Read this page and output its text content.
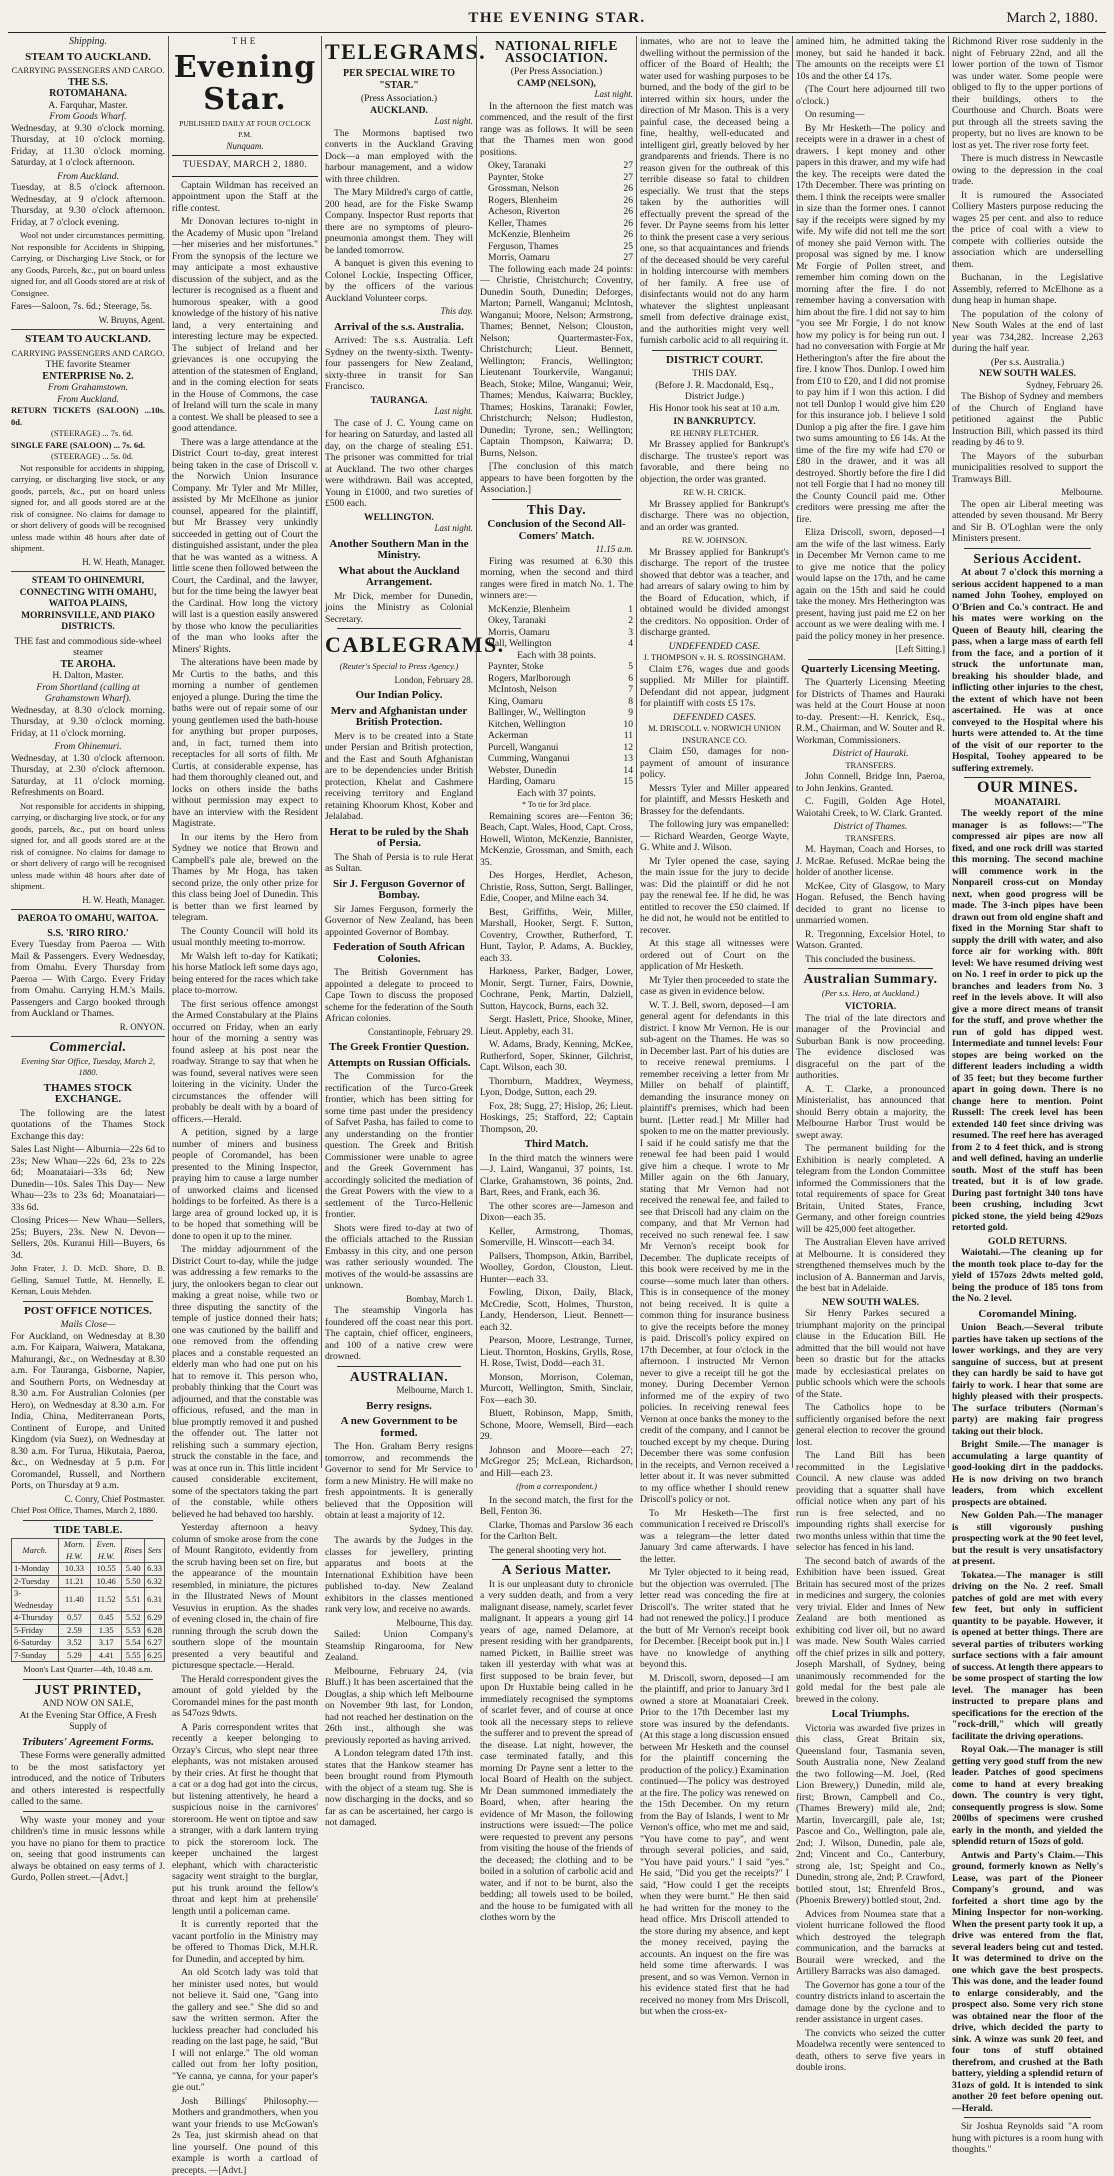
THE EVENING STAR.	March 2, 1880.
Shipping.
STEAM TO AUCKLAND.
CARRYING PASSENGERS AND CARGO.
THE S.S.
ROTOMAHANA.
A. Farquhar, Master.
From Goods Wharf.

Wednesday, at 9.30 o'clock morning. Thursday, at 10 o'clock morning. Friday, at 11.30 o'clock morning. Saturday, at 1 o'clock afternoon.

From Auckland.

Tuesday, at 8.5 o'clock afternoon. Wednesday, at 9 o'clock afternoon. Thursday, at 9.30 o'clock afternoon. Friday, at 7 o'clock evening.

Wool not under circumstances permitting. Not responsible for Accidents in Shipping, Carrying, or Discharging Live Stock, or for any Goods, Parcels, &c., put on board unless signed for, and all Goods stored are at risk of Consignee.

Fares—Saloon, 7s. 6d.; Steerage, 5s.

W. Bruyns, Agent.
STEAM TO AUCKLAND.
CARRYING PASSENGERS AND CARGO.
THE favorite Steamer
ENTERPRISE No. 2.
From Grahamstown.
From Auckland.
RETURN TICKETS (SALOON) ...10s. 0d.
(STEERAGE) ... 7s. 6d.
SINGLE FARE (SALOON) ... 7s. 6d.
(STEERAGE) ... 5s. 0d.

Not responsible for accidents in shipping, carrying, or discharging live stock, or any goods, parcels, &c., put on board unless signed for, and all goods stored are at the risk of consignee. No claims for damage to or short delivery of goods will be recognised unless made within 48 hours after date of shipment.

H. W. Heath, Manager.
STEAM TO OHINEMURI, CONNECTING WITH OMAHU, WAITOA PLAINS, MORRINSVILLE, AND PIAKO DISTRICTS.
THE fast and commodious side-wheel steamer
TE AROHA.
H. Dalton, Master.
From Shortland (calling at Grahamstown Wharf).

Wednesday, at 8.30 o'clock morning. Thursday, at 9.30 o'clock morning. Friday, at 11 o'clock morning.

From Ohinemuri.

Wednesday, at 1.30 o'clock afternoon. Thursday, at 2.30 o'clock afternoon. Saturday, at 11 o'clock morning. Refreshments on Board.

Not responsible for accidents in shipping, carrying, or discharging live stock, or for any goods, parcels, &c., put on board unless signed for, and all goods stored are at the risk of consignee. No claims for damage to or short delivery of cargo will be recognised unless made within 48 hours after date of shipment.

H. W. Heath, Manager.
PAEROA TO OMAHU, WAITOA.
S.S. 'RIRO RIRO.'

Every Tuesday from Paeroa — With Mail & Passengers. Every Wednesday, from Omahu. Every Thursday from Paeroa — With Cargo. Every Friday from Omahu. Carrying H.M.'s Mails. Passengers and Cargo booked through from Auckland or Thames.

R. ONYON.
Commercial.
Evening Star Office, Tuesday, March 2, 1880.
THAMES STOCK EXCHANGE.

The following are the latest quotations of the Thames Stock Exchange this day:

Sales Last Night— Alburnia—22s 6d to 23s; New Whau—22s 6d, 23s to 22s 6d; Moanataiari—33s 6d; New Dunedin—10s. Sales This Day— New Whau—23s to 23s 6d; Moanataiari—33s 6d.

Closing Prices— New Whau—Sellers, 25s; Buyers, 23s. New N. Devon—Sellers, 20s. Kuranui Hill—Buyers, 6s 3d.

John Frater, J. D. McD. Shore, D. B. Gelling, Samuel Tuttle, M. Hennelly, E. Kernan, Louis Mehden.

POST OFFICE NOTICES.
Mails Close—

For Auckland, on Wednesday at 8.30 a.m. For Kaipara, Waiwera, Matakana, Mahurangi, &c., on Wednesday at 8.30 a.m. For Tauranga, Gisborne, Napier, and Southern Ports, on Wednesday at 8.30 a.m. For Australian Colonies (per Hero), on Wednesday at 8.30 a.m. For India, China, Mediterranean Ports, Continent of Europe, and United Kingdom (via Suez), on Wednesday at 8.30 a.m. For Turua, Hikutaia, Paeroa, &c., on Wednesday at 5 p.m. For Coromandel, Russell, and Northern Ports, on Thursday at 9 a.m.

C. Conry, Chief Postmaster.
Chief Post Office, Thames, March 2, 1880.
TIDE TABLE.
March.	Morn. H.W.	Even. H.W.	Rises	Sets
1-Monday	10.33	10.55	5.40	6.33
2-Tuesday	11.21	10.46	5.50	6.32
3-Wednesday	11.40	11.52	5.51	6.31
4-Thursday	0.57	0.45	5.52	6.29
5-Friday	2.59	1.35	5.53	6.28
6-Saturday	3.52	3.17	5.54	6.27
7-Sunday	5.29	4.41	5.55	6.25
Moon's Last Quarter—4th, 10.48 a.m.
JUST PRINTED,
AND NOW ON SALE,
At the Evening Star Office, A Fresh Supply of
Tributers' Agreement Forms.

These Forms were generally admitted to be the most satisfactory yet introduced, and the notice of Tributers and others interested is respectfully called to the same.

Why waste your money and your children's time in music lessons while you have no piano for them to practice on, seeing that good instruments can always be obtained on easy terms of J. Gurdo, Pollen street.—[Advt.]

THE
Evening Star.
PUBLISHED DAILY AT FOUR O'CLOCK P.M.
Nunquam.
TUESDAY, MARCH 2, 1880.

Captain Wildman has received an appointment upon the Staff at the rifle contest.

Mr Donovan lectures to-night in the Academy of Music upon "Ireland—her miseries and her misfortunes." From the synopsis of the lecture we may anticipate a most exhaustive discussion of the subject, and as the lecturer is recognised as a fluent and humorous speaker, with a good knowledge of the history of his native land, a very entertaining and interesting lecture may be expected. The subject of Ireland and her grievances is one occupying the attention of the statesmen of England, and in the coming election for seats in the House of Commons, the case of Ireland will turn the scale in many a contest. We shall be pleased to see a good attendance.

There was a large attendance at the District Court to-day, great interest being taken in the case of Driscoll v. the Norwich Union Insurance Company. Mr Tyler and Mr Miller, assisted by Mr McElhone as junior counsel, appeared for the plaintiff, but Mr Brassey very unkindly succeeded in getting out of Court the distinguished assistant, under the plea that he was wanted as a witness. A little scene then followed between the Court, the Cardinal, and the lawyer, but for the time being the lawyer beat the Cardinal. How long the victory will last is a question easily answered by those who know the peculiarities of the man who looks after the Miners' Rights.

The alterations have been made by Mr Curtis to the baths, and this morning a number of gentlemen enjoyed a plunge. During the time the baths were out of repair some of our young gentlemen used the bath-house for anything but proper purposes, and, in fact, turned them into receptacles for all sorts of filth. Mr Curtis, at considerable expense, has had them thoroughly cleaned out, and locks on others inside the baths without permission may expect to have an interview with the Resident Magistrate.

In our items by the Hero from Sydney we notice that Brown and Campbell's pale ale, brewed on the Thames by Mr Hoga, has taken second prize, the only other prize for this class being Joel of Dunedin. This is better than we first learned by telegram.

The County Council will hold its usual monthly meeting to-morrow.

Mr Walsh left to-day for Katikati; his horse Matlock left some days ago, being entered for the races which take place to-morrow.

The first serious offence amongst the Armed Constabulary at the Plains occurred on Friday, when an early hour of the morning a sentry was found asleep at his post near the roadway. Strange to say that when he was found, several natives were seen loitering in the vicinity. Under the circumstances the offender will probably be dealt with by a board of officers.—Herald.

A petition, signed by a large number of miners and business people of Coromandel, has been presented to the Mining Inspector, praying him to cause a large number of unworked claims and licensed holdings to be forfeited. As there is a large area of ground locked up, it is to be hoped that something will be done to open it up to the miner.

The midday adjournment of the District Court to-day, while the judge was addressing a few remarks to the jury, the onlookers began to clear out making a great noise, while two or three disputing the sanctity of the temple of justice donned their hats; one was cautioned by the bailiff and one removed from the offending places and a constable requested an elderly man who had one put on his hat to remove it. This person who, probably thinking that the Court was adjourned, and that the constable was officious, refused, and the man in blue promptly removed it and pushed the offender out. The latter not relishing such a summary ejection, struck the constable in the face, and was at once run in. This little incident caused considerable excitement, some of the spectators taking the part of the constable, while others believed he had behaved too harshly.

Yesterday afternoon a heavy column of smoke arose from the cone of Mount Rangitoto, evidently from the scrub having been set on fire, but the appearance of the mountain resembled, in miniature, the pictures in the Illustrated News of Mount Vesuvius in eruption. As the shades of evening closed in, the chain of fire running through the scrub down the southern slope of the mountain presented a very beautiful and picturesque spectacle.—Herald.

The Herald correspondent gives the amount of gold yielded by the Coromandel mines for the past month as 547ozs 9dwts.

A Paris correspondent writes that recently a keeper belonging to Orzay's Circus, who slept near three elephants, was not mistaken aroused by their cries. At first he thought that a cat or a dog had got into the circus, but listening attentively, he heard a suspicious noise in the carnivores' storeroom. He went on tiptoe and saw a stranger, with a dark lantern trying to pick the storeroom lock. The keeper unchained the largest elephant, which with characteristic sagacity went straight to the burglar, put his trunk around the fellow's throat and kept him at prehensile' length until a policeman came.

It is currently reported that the vacant portfolio in the Ministry may be offered to Thomas Dick, M.H.R. for Dunedin, and accepted by him.

An old Scotch lady was told that her minister used notes, but would not believe it. Said one, "Gang into the gallery and see." She did so and saw the written sermon. After the luckless preacher had concluded his reading on the last page, he said, "But I will not enlarge." The old woman called out from her lofty position, "Ye canna, ye canna, for your paper's gie out."

Josh Billings' Philosophy.—Mothers and grandmothers, when you want your friends to use McGowan's 2s Tea, just skirmish ahead on that line yourself. One pound of this example is worth a cartload of precepts. —[Advt.]

TELEGRAMS.
PER SPECIAL WIRE TO "STAR."
(Press Association.)
AUCKLAND.
Last night.

The Mormons baptised two converts in the Auckland Graving Dock—a man employed with the harbour management, and a widow with three children.

The Mary Mildred's cargo of cattle, 200 head, are for the Fiske Swamp Company. Inspector Rust reports that there are no symptoms of pleuro-pneumonia amongst them. They will be landed tomorrow.

A banquet is given this evening to Colonel Lockie, Inspecting Officer, by the officers of the various Auckland Volunteer corps.

This day.
Arrival of the s.s. Australia.

Arrived: The s.s. Australia. Left Sydney on the twenty-sixth. Twenty-four passengers for New Zealand, sixty-three in transit for San Francisco.

TAURANGA.
Last night.

The case of J. C. Young came on for hearing on Saturday, and lasted all day, on the charge of stealing £51. The prisoner was committed for trial at Auckland. The two other charges were withdrawn. Bail was accepted, Young in £1000, and two sureties of £500 each.

WELLINGTON.
Last night.
Another Southern Man in the Ministry.
What about the Auckland Arrangement.

Mr Dick, member for Dunedin, joins the Ministry as Colonial Secretary.

CABLEGRAMS.
(Reuter's Special to Press Agency.)
London, February 28.
Our Indian Policy.
Merv and Afghanistan under British Protection.

Merv is to be created into a State under Persian and British protection, and the East and South Afghanistan are to be dependencies under British protection, Khelat and Cashmere receiving territory and England retaining Khoorum Khost, Kober and Jelalabad.

Herat to be ruled by the Shah of Persia.

The Shah of Persia is to rule Herat as Sultan.

Sir J. Ferguson Governor of Bombay.

Sir James Ferguson, formerly the Governor of New Zealand, has been appointed Governor of Bombay.

Federation of South African Colonies.

The British Government has appointed a delegate to proceed to Cape Town to discuss the proposed scheme for the federation of the South African colonies.

Constantinople, February 29.
The Greek Frontier Question.
Attempts on Russian Officials.

The Commission for the rectification of the Turco-Greek frontier, which has been sitting for some time past under the presidency of Safvet Pasha, has failed to come to any understanding on the frontier question. The Greek and British Commissioner were unable to agree and the Greek Government has accordingly solicited the mediation of the Great Powers with the view to a settlement of the Turco-Hellenic frontier.

Shots were fired to-day at two of the officials attached to the Russian Embassy in this city, and one person was rather seriously wounded. The motives of the would-be assassins are unknown.

Bombay, March 1.

The steamship Vingorla has foundered off the coast near this port. The captain, chief officer, engineers, and 100 of a native crew were drowned.

AUSTRALIAN.
Melbourne, March 1.
Berry resigns.
A new Government to be formed.

The Hon. Graham Berry resigns tomorrow, and recommends the Governor to send for Mr Service to form a new Ministry. He will make no fresh appointments. It is generally believed that the Opposition will obtain at least a majority of 12.

Sydney, This day.

The awards by the Judges in the classes for jewellery, printing apparatus and boots at the International Exhibition have been published to-day. New Zealand exhibitors in the classes mentioned rank very low, and receive no awards.

Melbourne, This day.

Sailed: Union Company's Steamship Ringarooma, for New Zealand.

Melbourne, February 24, (via Bluff.) It has been ascertained that the Douglas, a ship which left Melbourne on November 9th last, for London, had not reached her destination on the 26th inst., although she was previously reported as having arrived.

A London telegram dated 17th inst. states that the Hankow steamer has been brought round from Plymouth with the object of a steam tug. She is now discharging in the docks, and so far as can be ascertained, her cargo is not damaged.

NATIONAL RIFLE ASSOCIATION.
(Per Press Association.)
CAMP (NELSON),
Last night.

In the afternoon the first match was commenced, and the result of the first range was as follows. It will be seen that the Thames men won good positions.

Okey, Taranaki	27
Paynter, Stoke	27
Grossman, Nelson	26
Rogers, Blenheim	26
Acheson, Riverton	26
Keller, Thames	26
McKenzie, Blenheim	26
Ferguson, Thames	25
Morris, Oamaru	27

The following each made 24 points:— Christie, Christchurch; Coventry, Dunedin South, Dunedin; Deforges, Marton; Parnell, Wanganui; McIntosh, Wanganui; Moore, Nelson; Armstrong, Thames; Bennet, Nelson; Clouston, Nelson; Quartermaster-Fox, Christchurch; Lieut. Bennett, Wellington; Francis, Wellington; Lieutenant Tourkervile, Wanganui; Beach, Stoke; Milne, Wanganui; Weir, Thames; Mendus, Kaiwarra; Buckley, Thames; Hoskins, Taranaki; Fowler, Christchurch; Nelson; Hudleston, Dunedin; Tyrone, sen.; Wellington; Captain Thompson, Kaiwarra; D. Burns, Nelson.

[The conclusion of this match appears to have been forgotten by the Association.]

This Day.
Conclusion of the Second All-Comers' Match.
11.15 a.m.

Firing was resumed at 6.30 this morning, when the second and third ranges were fired in match No. 1. The winners are:—

McKenzie, Blenheim	1
Okey, Taranaki	2
Morris, Oamaru	3
Hall, Wellington	4
Each with 38 points.
Paynter, Stoke	5
Rogers, Marlborough	6
McIntosh, Nelson	7
King, Oamaru	8
Ballinger, W., Wellington	9
Kitchen, Wellington	10
Ackerman	11
Purcell, Wanganui	12
Cumming, Wanganui	13
Webster, Dunedin	14
Harding, Oamaru	15
Each with 37 points.
* To tie for 3rd place.

Remaining scores are—Fenton 36; Beach, Capt. Wales, Hood, Capt. Cross, Howell, Winton, McKenzie, Bannister, McKenzie, Grossman, and Smith, each 35.

Des Horges, Herdlet, Acheson, Christie, Ross, Sutton, Sergt. Ballinger, Edie, Cooper, and Milne each 34.

Best, Griffiths, Weir, Miller, Marshall, Hooker, Sergt. F. Sutton, Coventry, Crowther, Rutherford, T. Hunt, Taylor, P. Adams, A. Buckley, each 33.

Harkness, Parker, Badger, Lower, Monir, Sergt. Turner, Fairs, Downie, Cochrane, Penk, Martin, Dalziell, Sutton, Haycock, Burns, each 32.

Sergt. Haslett, Price, Shooke, Miner, Lieut. Appleby, each 31.

W. Adams, Brady, Kenning, McKee, Rutherford, Soper, Skinner, Gilchrist, Capt. Wilson, each 30.

Thornburn, Maddrex, Weymess, Lyon, Dodge, Sutton, each 29.

Fox, 28; Sugg, 27; Hislop, 26; Lieut. Hoskings, 25; Stafford, 22; Captain Thompson, 20.

Third Match.

In the third match the winners were—J. Laird, Wanganui, 37 points, 1st. Clarke, Grahamstown, 36 points, 2nd. Bart, Rees, and Frank, each 36.

The other scores are—Jameson and Dixon—each 35.

Keller, Armstrong, Thomas, Somerville, H. Winscott—each 34.

Pallsers, Thompson, Atkin, Barribel, Woolley, Gordon, Clouston, Lieut. Hunter—each 33.

Fowling, Dixon, Daily, Black, McCredie, Scott, Holmes, Thurston, Landy, Henderson, Lieut. Bennett—each 32.

Pearson, Moore, Lestrange, Turner, Lieut. Thornton, Hoskins, Grylls, Rose, H. Rose, Twist, Dodd—each 31.

Monson, Morrison, Coleman, Murcott, Wellington, Smith, Sinclair, Fox—each 30.

Bluett, Robinson, Mapp, Smith, Schone, Moore, Wemsell, Bird—each 29.

Johnson and Moore—each 27; McGregor 25; McLean, Richardson, and Hill—each 23.

(from a correspondent.)

In the second match, the first for the Bell, Fenton 36.

Clarke, Thomas and Parslow 36 each for the Carlton Belt.

The general shooting very hot.

A Serious Matter.

It is our unpleasant duty to chronicle a very sudden death, and from a very malignant disease, namely, scarlet fever malignant. It appears a young girl 14 years of age, named Delamore, at present residing with her grandparents, named Pickett, in Baillie street was taken ill yesterday with what was at first supposed to be brain fever, but upon Dr Huxtable being called in he immediately recognised the symptoms of scarlet fever, and of course at once took all the necessary steps to relieve the sufferer and to prevent the spread of the disease. Lat night, however, the case terminated fatally, and this morning Dr Payne sent a letter to the local Board of Health on the subject. Mr Dean summoned immediately the Board, when, after hearing the evidence of Mr Mason, the following instructions were issued:—The police were requested to prevent any persons from visiting the house of the friends of the deceased; the clothing and to be boiled in a solution of carbolic acid and water, and if not to be burnt, also the bedding; all towels used to be boiled, and the house to be fumigated with all clothes worn by the

inmates, who are not to leave the dwelling without the permission of the officer of the Board of Health; the water used for washing purposes to be burned, and the body of the girl to be interred within six hours, under the direction of Mr Mason. This is a very painful case, the deceased being a fine, healthy, well-educated and intelligent girl, greatly beloved by her grandparents and friends. There is no reason given for the outbreak of this terrible disease so fatal to children especially. We trust that the steps taken by the authorities will effectually prevent the spread of the fever. Dr Payne seems from his letter to think the present case a very serious one, so that acquaintances and friends of the deceased should be very careful in holding intercourse with members of her family. A free use of disinfectants would not do any harm whatever the slightest unpleasant smell from defective drainage exist, and the authorities might very well furnish carbolic acid to all requiring it.

DISTRICT COURT.
THIS DAY.
(Before J. R. Macdonald, Esq., District Judge.)

His Honor took his seat at 10 a.m.

IN BANKRUPTCY.
RE HENRY FLETCHER.

Mr Brassey applied for Bankrupt's discharge. The trustee's report was favorable, and there being no objection, the order was granted.

RE W. H. CRICK.

Mr Brassey applied for Bankrupt's discharge. There was no objection, and an order was granted.

RE W. JOHNSON.

Mr Brassey applied for Bankrupt's discharge. The report of the trustee showed that debtor was a teacher, and had arrears of salary owing to him by the Board of Education, which, if obtained would be divided amongst the creditors. No opposition. Order of discharge granted.

UNDEFENDED CASE.
J. THOMPSON v. H. S. ROSSINGHAM.

Claim £76, wages due and goods supplied. Mr Miller for plaintiff. Defendant did not appear, judgment for plaintiff with costs £5 17s.

DEFENDED CASES.
M. DRISCOLL v. NORWICH UNION INSURANCE CO.

Claim £50, damages for non-payment of amount of insurance policy.

Messrs Tyler and Miller appeared for plaintiff, and Messrs Hesketh and Brassey for the defendants.

The following jury was empanelled:— Richard Wearden, George Wayte, G. White and J. Wilson.

Mr Tyler opened the case, saying the main issue for the jury to decide was: Did the plaintiff or did he not pay the renewal fee. If he did, he was entitled to recover the £50 claimed. If he did not, he would not be entitled to recover.

At this stage all witnesses were ordered out of Court on the application of Mr Hesketh.

Mr Tyler then proceeded to state the case as given in evidence below.

W. T. J. Bell, sworn, deposed—I am general agent for defendants in this district. I know Mr Vernon. He is our sub-agent on the Thames. He was so in December last. Part of his duties are to receive renewal premiums. I remember receiving a letter from Mr Miller on behalf of plaintiff, demanding the insurance money on plaintiff's premises, which had been burnt. [Letter read.] Mr Miller had spoken to me on the matter previously. I said if he could satisfy me that the renewal fee had been paid I would give him a cheque. I wrote to Mr Miller again on the 6th January, stating that Mr Vernon had not received the renewal fee, and failed to see that Driscoll had any claim on the company, and that Mr Vernon had received no such renewal fee. I saw Mr Vernon's receipt book for December. The duplicate receipts of this book were received by me in the course—some much later than others. This is in consequence of the money not being received. It is quite a common thing for insurance business to give the receipts before the money is paid. Driscoll's policy expired on 17th December, at four o'clock in the afternoon. I instructed Mr Vernon never to give a receipt till he got the money. During December Vernon informed me of the expiry of two policies. In receiving renewal fees Vernon at once banks the money to the credit of the company, and I cannot be touched except by my cheque. During December there was some confusion in the receipts, and Vernon received a letter about it. It was never submitted to my office whether I should renew Driscoll's policy or not.

To Mr Hesketh—The first communication I received re Driscoll's was a telegram—the letter dated January 3rd came afterwards. I have the letter.

Mr Tyler objected to it being read, but the objection was overruled. [The letter read was conceding the fire at Driscoll's. The writer stated that he had not renewed the policy.] I produce the butt of Mr Vernon's receipt book for December. [Receipt book put in.] I have no knowledge of anything beyond this.

M. Driscoll, sworn, deposed—I am the plaintiff, and prior to January 3rd I owned a store at Moanataiari Creek. Prior to the 17th December last my store was insured by the defendants. (At this stage a long discussion ensued between Mr Hesketh and the counsel for the plaintiff concerning the production of the policy.) Examination continued—The policy was destroyed at the fire. The policy was renewed on the 15th December. On my return from the Bay of Islands, I went to Mr Vernon's office, who met me and said, "You have come to pay", and went through several policies, and said, "You have paid yours." I said "yes." He said, "Did you get the receipts?" I said, "How could I get the receipts when they were burnt." He then said he had written for the money to the head office. Mrs Driscoll attended to the store during my absence, and kept the money received, paying the accounts. An inquest on the fire was held some time afterwards. I was present, and so was Vernon. Vernon in his evidence stated first that he had received no money from Mrs Driscoll, but when the cross-ex-

amined him, he admitted taking the money, but said he handed it back. The amounts on the receipts were £1 10s and the other £4 17s.

(The Court here adjourned till two o'clock.)

On resuming—

By Mr Hesketh—The policy and receipts were in a drawer in a chest of drawers. I kept money and other papers in this drawer, and my wife had the key. The receipts were dated the 17th December. There was printing on them. I think the receipts were smaller in size than the former ones. I cannot say if the receipts were signed by my wife. My wife did not tell me the sort of money she paid Vernon with. The proposal was signed by me. I know Mr Forgie of Pollen street, and remember him coming down on the morning after the fire. I do not remember having a conversation with him about the fire. I did not say to him "you see Mr Forgie, I do not know how my policy is for being run out. I had no conversation with Forgie at Mr Hetherington's after the fire about the fire. I know Thos. Dunlop. I owed him from £10 to £20, and I did not promise to pay him if I won this action. I did not tell Dunlop I would give him £20 for this insurance job. I believe I sold Dunlop a pig after the fire. I gave him two sums amounting to £6 14s. At the time of the fire my wife had £70 or £80 in the drawer, and it was all destroyed. Shortly before the fire I did not tell Forgie that I had no money till the County Council paid me. Other creditors were pressing me after the fire.

Eliza Driscoll, sworn, deposed—I am the wife of the last witness. Early in December Mr Vernon came to me to give me notice that the policy would lapse on the 17th, and he came again on the 15th and said he could take the money. Mrs Hetherington was present, having just paid me £2 on her account as we were dealing with me. I paid the policy money in her presence.

[Left Sitting.]
Quarterly Licensing Meeting.

The Quarterly Licensing Meeting for Districts of Thames and Hauraki was held at the Court House at noon to-day. Present:—H. Kenrick, Esq., R.M., Chairman, and W. Souter and R. Workman, Commissioners.

District of Hauraki.
TRANSFERS.

John Connell, Bridge Inn, Paeroa, to John Jenkins. Granted.

C. Fugill, Golden Age Hotel, Waiotahi Creek, to W. Clark. Granted.

District of Thames.
TRANSFERS.

M. Hayman, Coach and Horses, to J. McRae. Refused. McRae being the holder of another license.

McKee, City of Glasgow, to Mary Hogan. Refused, the Bench having decided to grant no license to unmarried women.

R. Tregonning, Excelsior Hotel, to Watson. Granted.

This concluded the business.

Australian Summary.
(Per s.s. Hero, at Auckland.)
VICTORIA.

The trial of the late directors and manager of the Provincial and Suburban Bank is now proceeding. The evidence disclosed was disgraceful on the part of the authorities.

A. T. Clarke, a pronounced Ministerialist, has announced that should Berry obtain a majority, the Melbourne Harbor Trust would be swept away.

The permanent building for the Exhibition is nearly completed. A telegram from the London Committee informed the Commissioners that the total requirements of space for Great Britain, United States, France, Germany, and other foreign countries will be 425,000 feet altogether.

The Australian Eleven have arrived at Melbourne. It is considered they strengthened themselves much by the inclusion of A. Bannerman and Jarvis, the best bat in Adelaide.

NEW SOUTH WALES.

Sir Henry Parkes secured a triumphant majority on the principal clause in the Education Bill. He admitted that the bill would not have been so drastic but for the attacks made by ecclesiastical prelates on public schools which were the schools of the State.

The Catholics hope to be sufficiently organised before the next general election to recover the ground lost.

The Land Bill has been recommitted in the Legislative Council. A new clause was added providing that a squatter shall have official notice when any part of his run is free selected, and no impounding rights shall exercise for two months unless within that time the selector has fenced in his land.

The second batch of awards of the Exhibition have been issued. Great Britain has secured most of the prizes in medicines and surgery, the colonies very trivial. Elder and Innes of New Zealand are both mentioned as exhibiting cod liver oil, but no award was made. New South Wales carried off the chief prizes in silk and pottery, Joseph Marshall, of Sydney, being unanimously recommended for the gold medal for the best pale ale brewed in the colony.

Local Triumphs.

Victoria was awarded five prizes in this class, Great Britain six, Queensland four, Tasmania seven, South Australia none, New Zealand the two following—M. Joel, (Red Lion Brewery,) Dunedin, mild ale, first; Brown, Campbell and Co., (Thames Brewery) mild ale, 2nd; Martin, Invercargill, pale ale, 1st; Pascoe and Co., Wellington, pale ale, 2nd; J. Wilson, Dunedin, pale ale, 2nd; Vincent and Co., Canterbury, strong ale, 1st; Speight and Co., Dunedin, strong ale, 2nd; P. Crawford, bottled stout, 1st; Ehrenfeld Bros., (Phoenix Brewery) bottled stout, 2nd.

Advices from Noumea state that a violent hurricane followed the flood which destroyed the telegraph communication, and the barracks at Bourail were wrecked, and the Artillery Barracks was also damaged.

The Governor has gone a tour of the country districts inland to ascertain the damage done by the cyclone and to render assistance in urgent cases.

The convicts who seized the cutter Moadelwa recently were sentenced to death, others to serve five years in double irons.

Richmond River rose suddenly in the night of February 22nd, and all the lower portion of the town of Tismor was under water. Some people were obliged to fly to the upper portions of their buildings, others to the Courthouse and Church. Boats were put through all the streets saving the property, but no lives are known to be lost as yet. The river rose forty feet.

There is much distress in Newcastle owing to the depression in the coal trade.

It is rumoured the Associated Colliery Masters purpose reducing the wages 25 per cent. and also to reduce the price of coal with a view to compete with collieries outside the association which are underselling them.

Buchanan, in the Legislative Assembly, referred to McElhone as a dung heap in human shape.

The population of the colony of New South Wales at the end of last year was 734,282. Increase 2,263 during the half year.

(Per s.s. Australia.)
NEW SOUTH WALES.
Sydney, February 26.

The Bishop of Sydney and members of the Church of England have petitioned against the Public Instruction Bill, which passed its third reading by 46 to 9.

The Mayors of the suburban municipalities resolved to support the Tramways Bill.

Melbourne.

The open air Liberal meeting was attended by seven thousand. Mr Berry and Sir B. O'Loghlan were the only Ministers present.

Serious Accident.

At about 7 o'clock this morning a serious accident happened to a man named John Toohey, employed on O'Brien and Co.'s contract. He and his mates were working on the Queen of Beauty hill, clearing the pass, when a large mass of earth fell from the face, and a portion of it struck the unfortunate man, breaking his shoulder blade, and inflicting other injuries to the chest, the extent of which have not been ascertained. He was at once conveyed to the Hospital where his hurts were attended to. At the time of the visit of our reporter to the Hospital, Toohey appeared to be suffering extremely.

OUR MINES.
MOANATAIRI.

The weekly report of the mine manager is as follows:—"The compressed air pipes are now all fixed, and one rock drill was started this morning. The second machine will commence work in the Nonpareil cross-cut on Monday next, when good progress will be made. The 3-inch pipes have been drawn out from old engine shaft and fixed in the Morning Star shaft to supply the drill with water, and also force air for working with. 80ft level: We have resumed driving west on No. 1 reef in order to pick up the branches and leaders from No. 3 reef in the levels above. It will also give a more direct means of transit for the stuff, and prove whether the run of gold has dipped west. Intermediate and tunnel levels: Four stopes are being worked on the different leaders including a width of 35 feet; but they become further apart in going down. There is no change here to mention. Point Russell: The creek level has been extended 140 feet since driving was resumed. The reef here has averaged from 2 to 4 feet thick, and is strong and well defined, having an underlie south. Most of the stuff has been treated, but it is of low grade. During past fortnight 340 tons have been crushing, including 3cwt picked stone, the yield being 429ozs retorted gold.

GOLD RETURNS.

Waiotahi.—The cleaning up for the month took place to-day for the yield of 157ozs 2dwts melted gold, being the produce of 185 tons from the No. 2 level.

Coromandel Mining.

Union Beach.—Several tribute parties have taken up sections of the lower workings, and they are very sanguine of success, but at present they can hardly be said to have got fairly to work. I hear that some are highly pleased with their prospects. The surface tributers (Norman's party) are making fair progress taking out their block.

Bright Smile.—The manager is accumulating a large quantity of good-looking dirt in the paddocks. He is now driving on two branch leaders, from which excellent prospects are obtained.

New Golden Pah.—The manager is still vigorously pushing prospecting work at the 90 feet level, but the result is very unsatisfactory at present.

Tokatea.—The manager is still driving on the No. 2 reef. Small patches of gold are met with every few feet, but only in sufficient quantity to be payable. However, it is opened at better things. There are several parties of tributers working surface sections with a fair amount of success. At length there appears to be some prospect of starting the low level. The manager has been instructed to prepare plans and specifications for the erection of the "rock-drill," which will greatly facilitate the driving operations.

Royal Oak.—The manager is still getting very good stuff from the new leader. Patches of good specimens come to hand at every breaking down. The country is very tight, consequently progress is slow. Some 200lbs of specimens were crushed early in the month, and yielded the splendid return of 15ozs of gold.

Antwis and Party's Claim.—This ground, formerly known as Nelly's Lease, was part of the Pioneer Company's ground, and was forfeited a short time ago by the Mining Inspector for non-working. When the present party took it up, a drive was entered from the flat, several leaders being cut and tested. It was determined to drive on the one which gave the best prospects. This was done, and the leader found to enlarge considerably, and the prospect also. Some very rich stone was obtained near the floor of the drive, which decided the party to sink. A winze was sunk 20 feet, and four tons of stuff obtained therefrom, and crushed at the Bath battery, yielding a splendid return of 31ozs of gold. It is intended to sink another 20 feet before opening out.—Herald.

Sir Joshua Reynolds said "A room hung with pictures is a room hung with thoughts."
